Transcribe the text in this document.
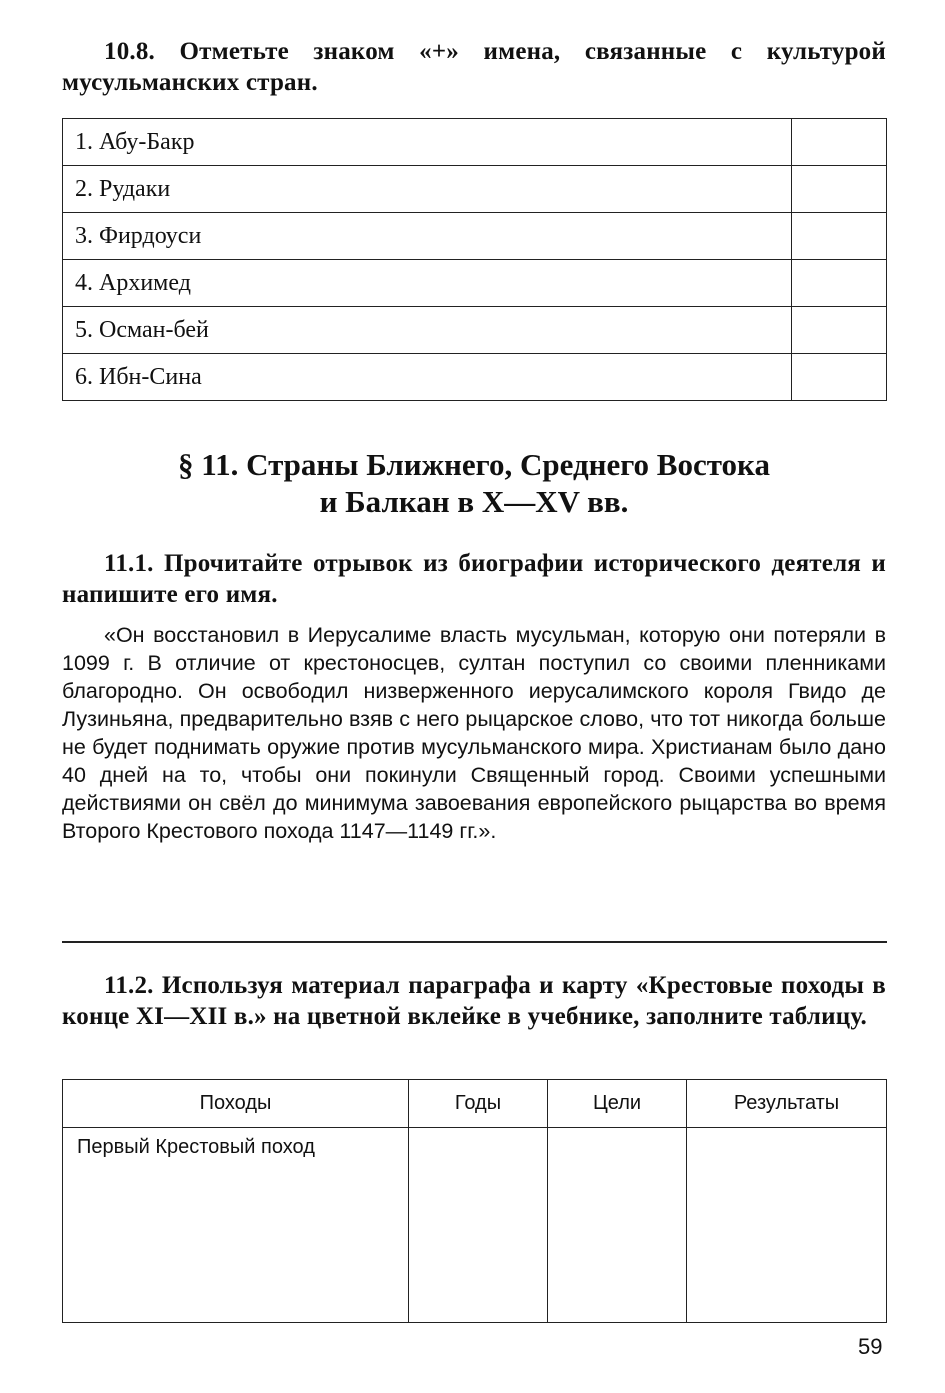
10.8. Отметьте знаком «+» имена, связанные с культурой мусульманских стран.
1. Абу-Бакр	
2. Рудаки	
3. Фирдоуси	
4. Архимед	
5. Осман-бей	
6. Ибн-Сина	
§ 11. Страны Ближнего, Среднего Востока
и Балкан в X—XV вв.
11.1. Прочитайте отрывок из биографии исторического деятеля и напишите его имя.
«Он восстановил в Иерусалиме власть мусульман, которую они потеряли в 1099 г. В отличие от крестоносцев, султан поступил со своими пленниками благородно. Он освободил низверженного иерусалимского короля Гвидо де Лузиньяна, предварительно взяв с него рыцарское слово, что тот никогда больше не будет поднимать оружие против мусульманского мира. Христианам было дано 40 дней на то, чтобы они покинули Священный город. Своими успешными действиями он свёл до минимума завоевания европейского рыцарства во время Второго Крестового похода 1147—1149 гг.».
11.2. Используя материал параграфа и карту «Крестовые походы в конце XI—XII в.» на цветной вклейке в учебнике, заполните таблицу.
Походы	Годы	Цели	Результаты
Первый Крестовый поход			
59
